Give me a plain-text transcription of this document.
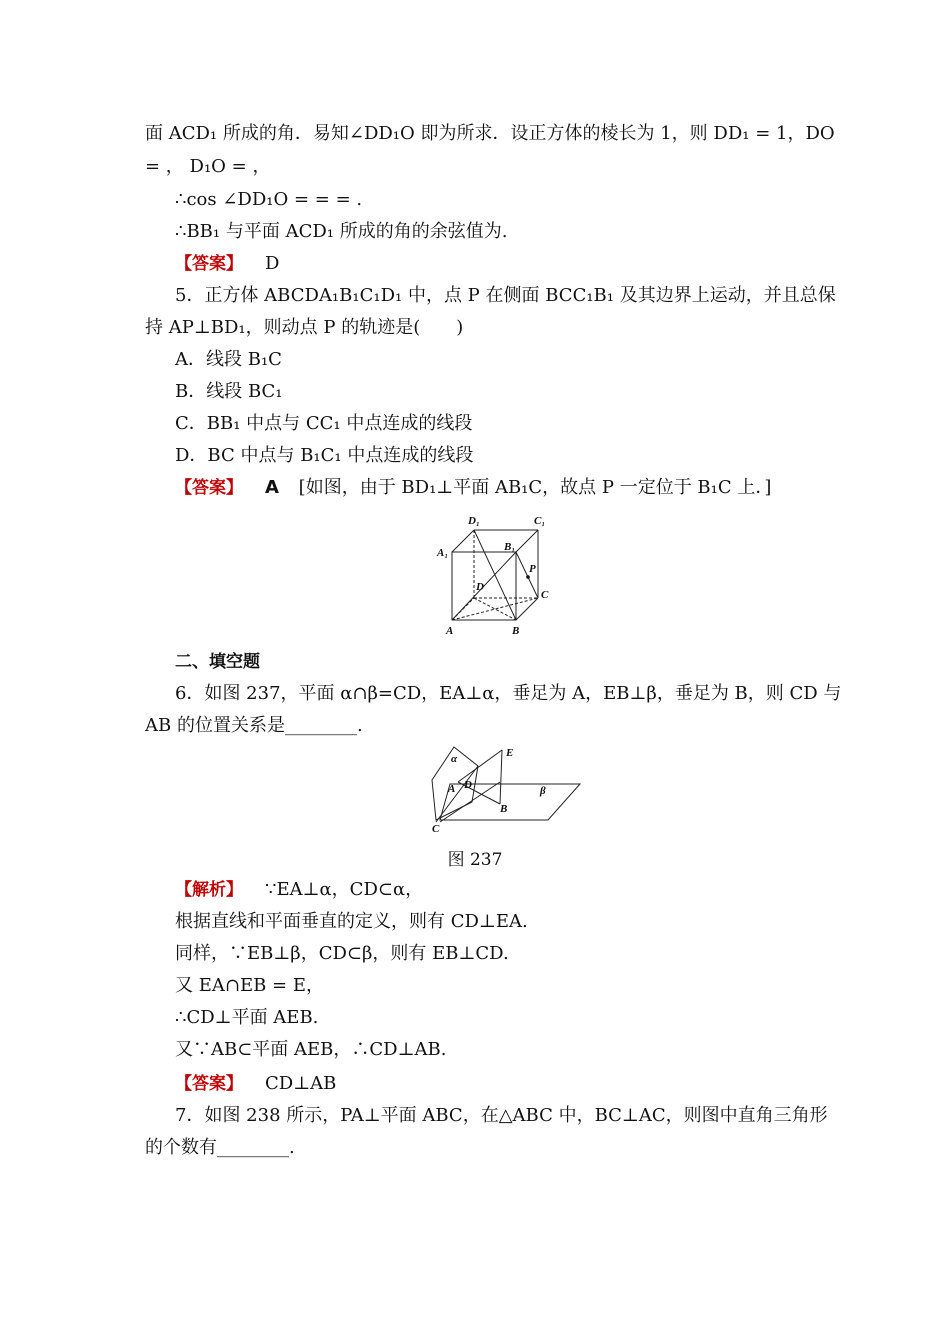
面 ACD₁ 所成的角．易知∠DD₁O 即为所求．设正方体的棱长为 1，则 DD₁ = 1，DO
= ， D₁O = ，
∴cos ∠DD₁O = = = .
∴BB₁ 与平面 ACD₁ 所成的角的余弦值为.
【答案】 D
5．正方体 ABCDA₁B₁C₁D₁ 中，点 P 在侧面 BCC₁B₁ 及其边界上运动，并且总保
持 AP⊥BD₁，则动点 P 的轨迹是(　　)
A．线段 B₁C
B．线段 BC₁
C．BB₁ 中点与 CC₁ 中点连成的线段
D．BC 中点与 B₁C₁ 中点连成的线段
【答案】 A [如图，由于 BD₁⊥平面 AB₁C，故点 P 一定位于 B₁C 上．]
D₁	C₁
A₁	B₁
D
P
C
A	B
二、填空题
6．如图 237，平面 α∩β=CD，EA⊥α，垂足为 A，EB⊥β，垂足为 B，则 CD 与
AB 的位置关系是________.
α	E
A D	β
B
C
图 237
【解析】 ∵EA⊥α，CD⊂α，
根据直线和平面垂直的定义，则有 CD⊥EA.
同样，∵EB⊥β，CD⊂β，则有 EB⊥CD.
又 EA∩EB = E，
∴CD⊥平面 AEB.
又∵AB⊂平面 AEB，∴CD⊥AB.
【答案】 CD⊥AB
7．如图 238 所示，PA⊥平面 ABC，在△ABC 中，BC⊥AC，则图中直角三角形
的个数有________.
